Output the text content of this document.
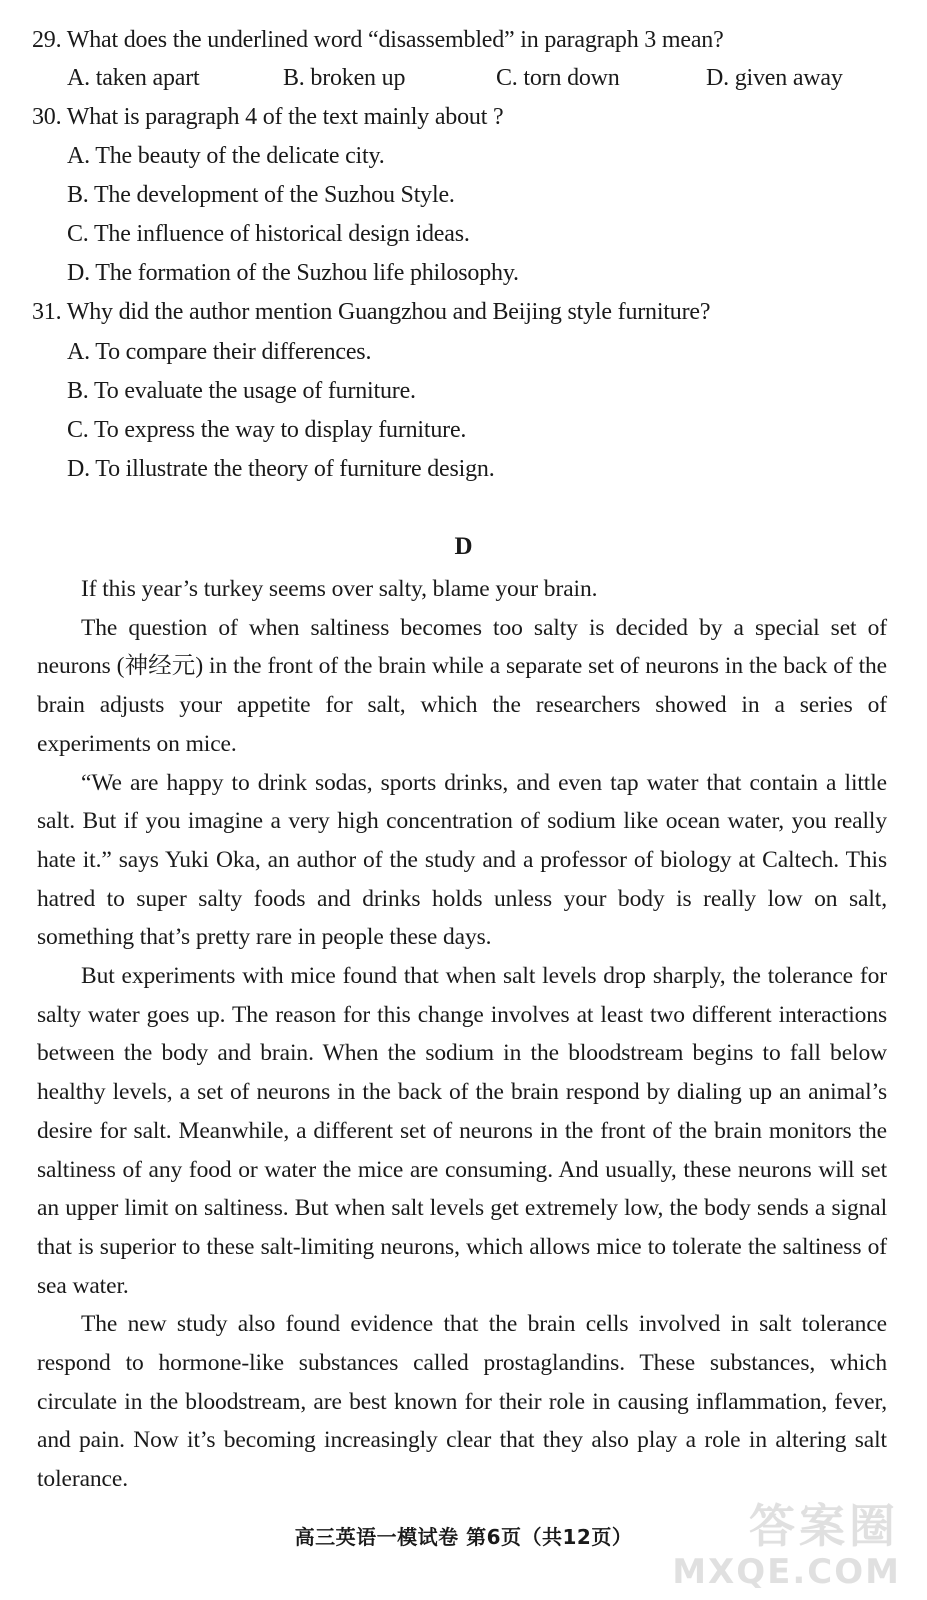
29. What does the underlined word “disassembled” in paragraph 3 mean?
A. taken apart	B. broken up	C. torn down	D. given away
30. What is paragraph 4 of the text mainly about ?
A. The beauty of the delicate city.
B. The development of the Suzhou Style.
C. The influence of historical design ideas.
D. The formation of the Suzhou life philosophy.
31. Why did the author mention Guangzhou and Beijing style furniture?
A. To compare their differences.
B. To evaluate the usage of furniture.
C. To express the way to display furniture.
D. To illustrate the theory of furniture design.
D

If this year’s turkey seems over salty, blame your brain.

The question of when saltiness becomes too salty is decided by a special set of neurons (神经元) in the front of the brain while a separate set of neurons in the back of the brain adjusts your appetite for salt, which the researchers showed in a series of experiments on mice.

“We are happy to drink sodas, sports drinks, and even tap water that contain a little salt. But if you imagine a very high concentration of sodium like ocean water, you really hate it.” says Yuki Oka, an author of the study and a professor of biology at Caltech. This hatred to super salty foods and drinks holds unless your body is really low on salt, something that’s pretty rare in people these days.

But experiments with mice found that when salt levels drop sharply, the tolerance for salty water goes up. The reason for this change involves at least two different interactions between the body and brain. When the sodium in the bloodstream begins to fall below healthy levels, a set of neurons in the back of the brain respond by dialing up an animal’s desire for salt. Meanwhile, a different set of neurons in the front of the brain monitors the saltiness of any food or water the mice are consuming. And usually, these neurons will set an upper limit on saltiness. But when salt levels get extremely low, the body sends a signal that is superior to these salt-limiting neurons, which allows mice to tolerate the saltiness of sea water.

The new study also found evidence that the brain cells involved in salt tolerance respond to hormone-like substances called prostaglandins. These substances, which circulate in the bloodstream, are best known for their role in causing inflammation, fever, and pain. Now it’s becoming increasingly clear that they also play a role in altering salt tolerance.

高三英语一模试卷 第6页（共12页）	答案圈
MXQE.COM
